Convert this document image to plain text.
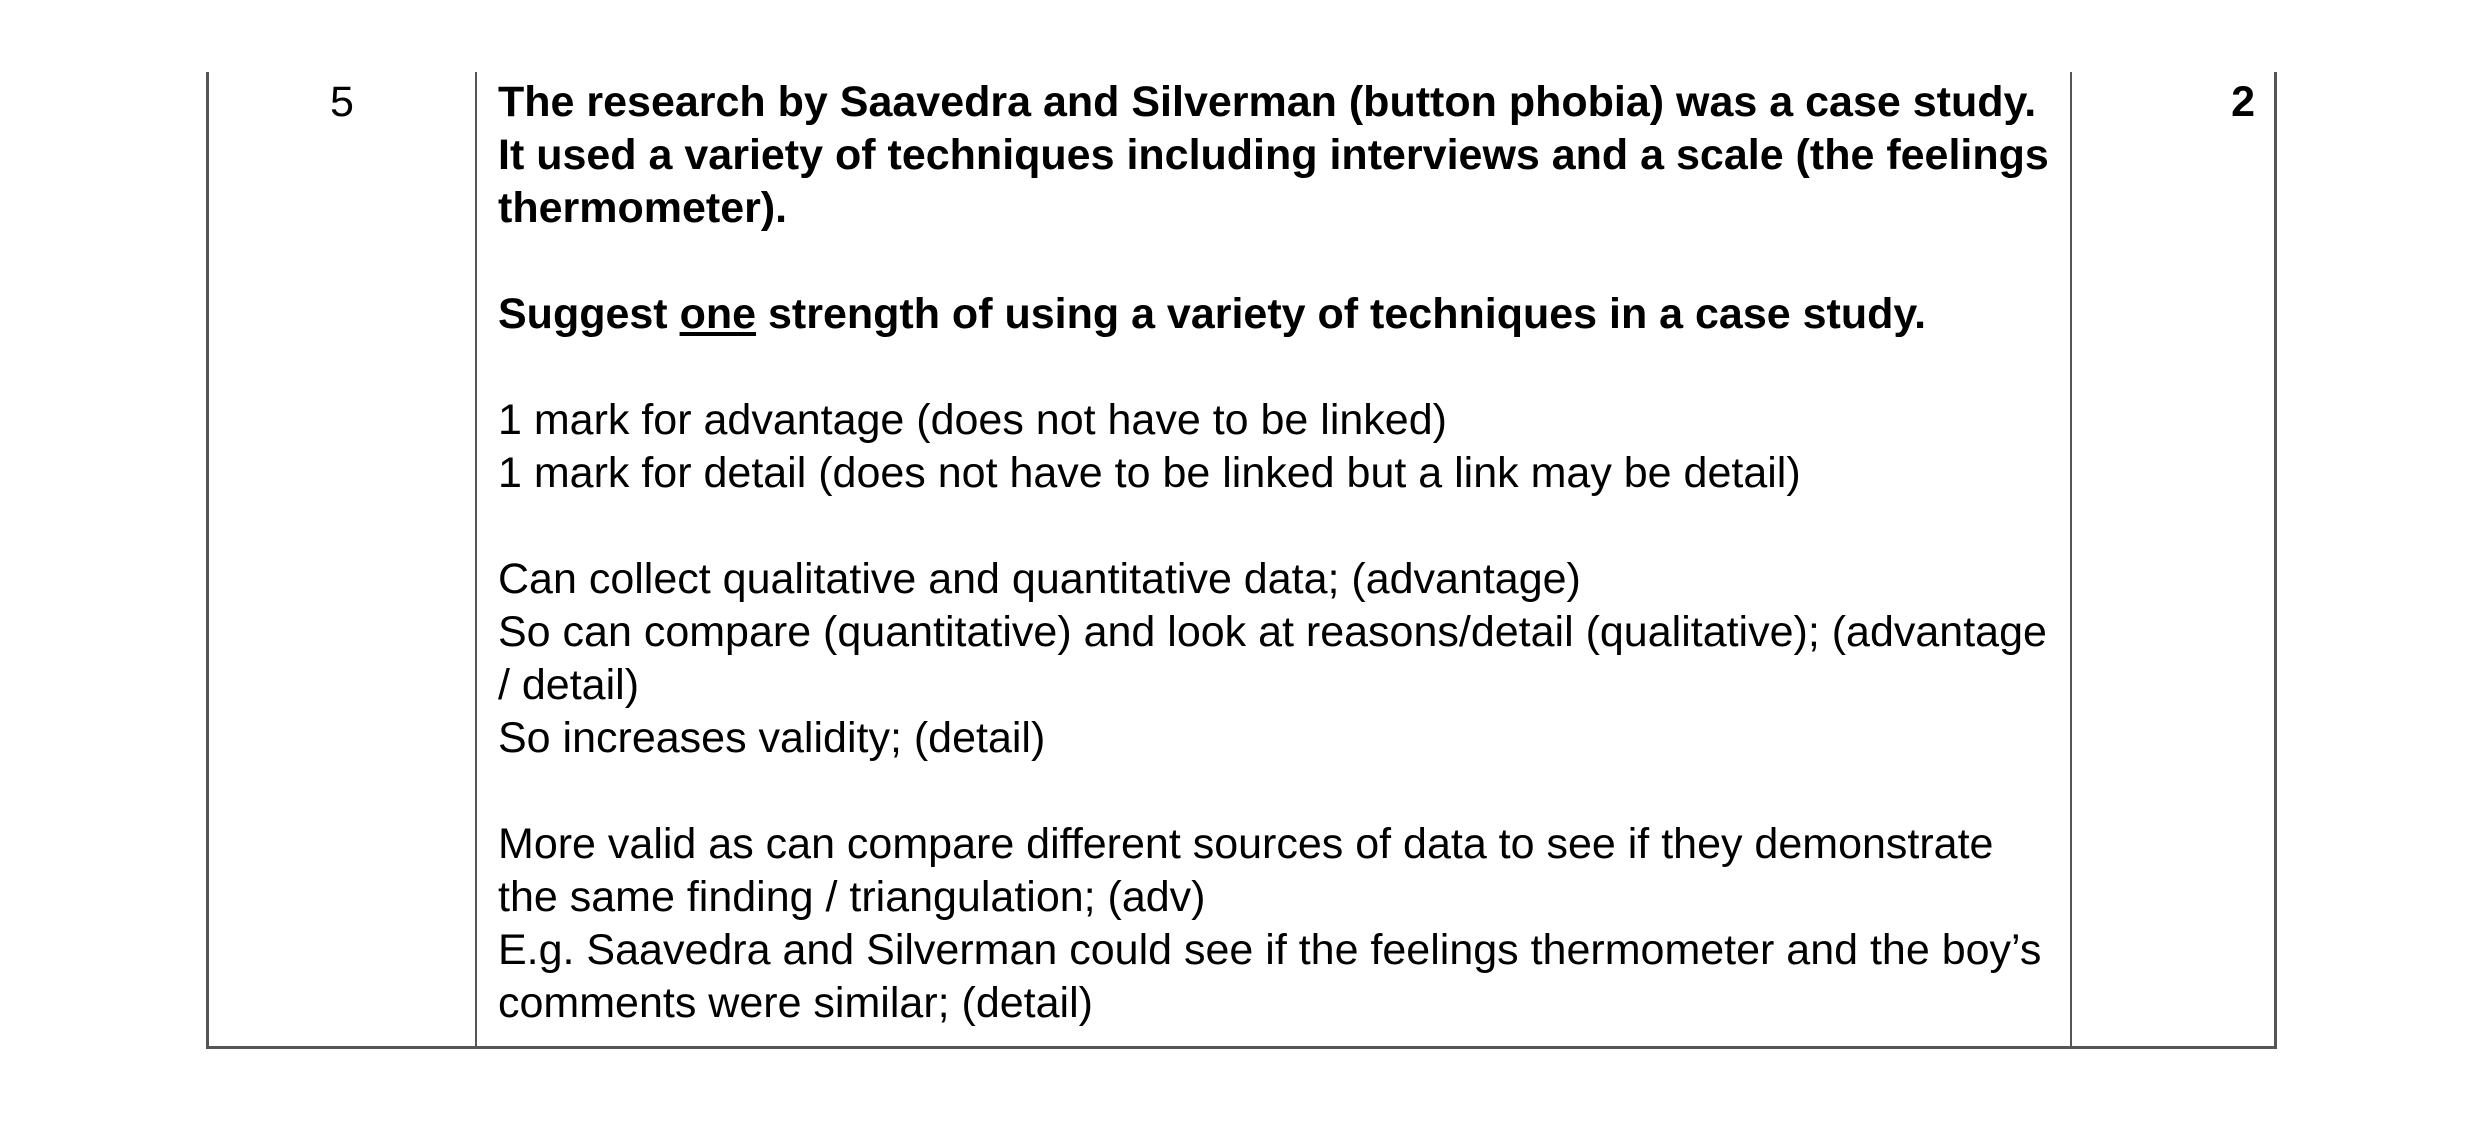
5	The research by Saavedra and Silverman (button phobia) was a case study. It used a variety of techniques including interviews and a scale (the feelings thermometer).

Suggest one strength of using a variety of techniques in a case study.

1 mark for advantage (does not have to be linked)
1 mark for detail (does not have to be linked but a link may be detail)

Can collect qualitative and quantitative data; (advantage)
So can compare (quantitative) and look at reasons/detail (qualitative); (advantage / detail)
So increases validity; (detail)

More valid as can compare different sources of data to see if they demonstrate the same finding / triangulation; (adv)
E.g. Saavedra and Silverman could see if the feelings thermometer and the boy’s comments were similar; (detail)

2
